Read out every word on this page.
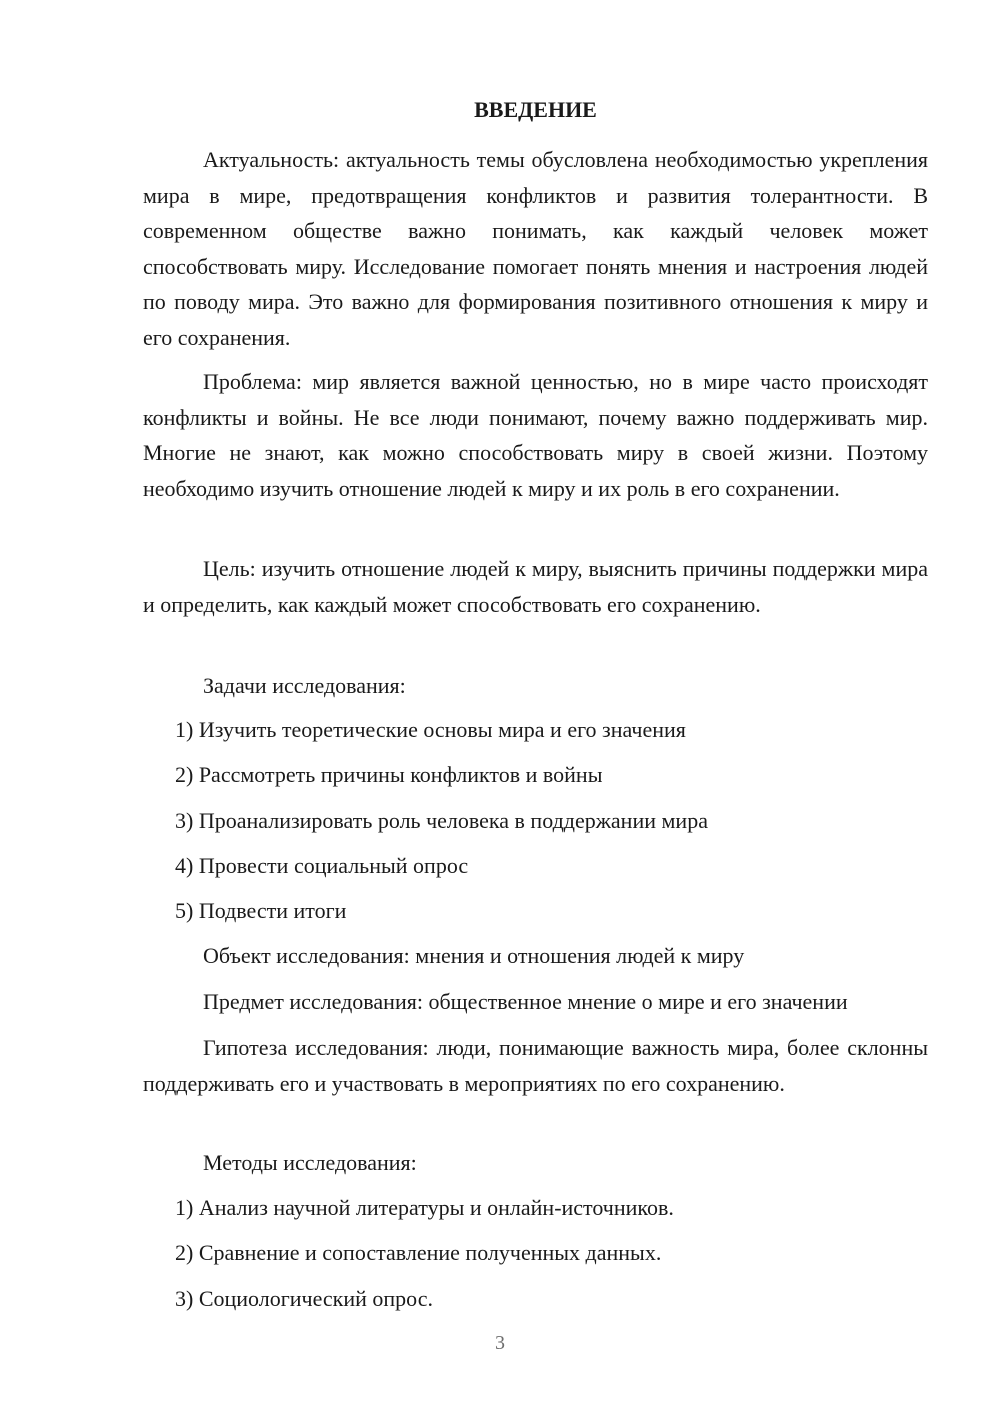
ВВЕДЕНИЕ

Актуальность: актуальность темы обусловлена необходимостью укрепления мира в мире, предотвращения конфликтов и развития толерантности. В современном обществе важно понимать, как каждый человек может способствовать миру. Исследование помогает понять мнения и настроения людей по поводу мира. Это важно для формирования позитивного отношения к миру и его сохранения.

Проблема: мир является важной ценностью, но в мире часто происходят конфликты и войны. Не все люди понимают, почему важно поддерживать мир. Многие не знают, как можно способствовать миру в своей жизни. Поэтому необходимо изучить отношение людей к миру и их роль в его сохранении.

Цель: изучить отношение людей к миру, выяснить причины поддержки мира и определить, как каждый может способствовать его сохранению.

Задачи исследования:

1) Изучить теоретические основы мира и его значения

2) Рассмотреть причины конфликтов и войны

3) Проанализировать роль человека в поддержании мира

4) Провести социальный опрос

5) Подвести итоги

Объект исследования: мнения и отношения людей к миру

Предмет исследования: общественное мнение о мире и его значении

Гипотеза исследования: люди, понимающие важность мира, более склонны поддерживать его и участвовать в мероприятиях по его сохранению.

Методы исследования:

1) Анализ научной литературы и онлайн-источников.

2) Сравнение и сопоставление полученных данных.

3) Социологический опрос.

3
